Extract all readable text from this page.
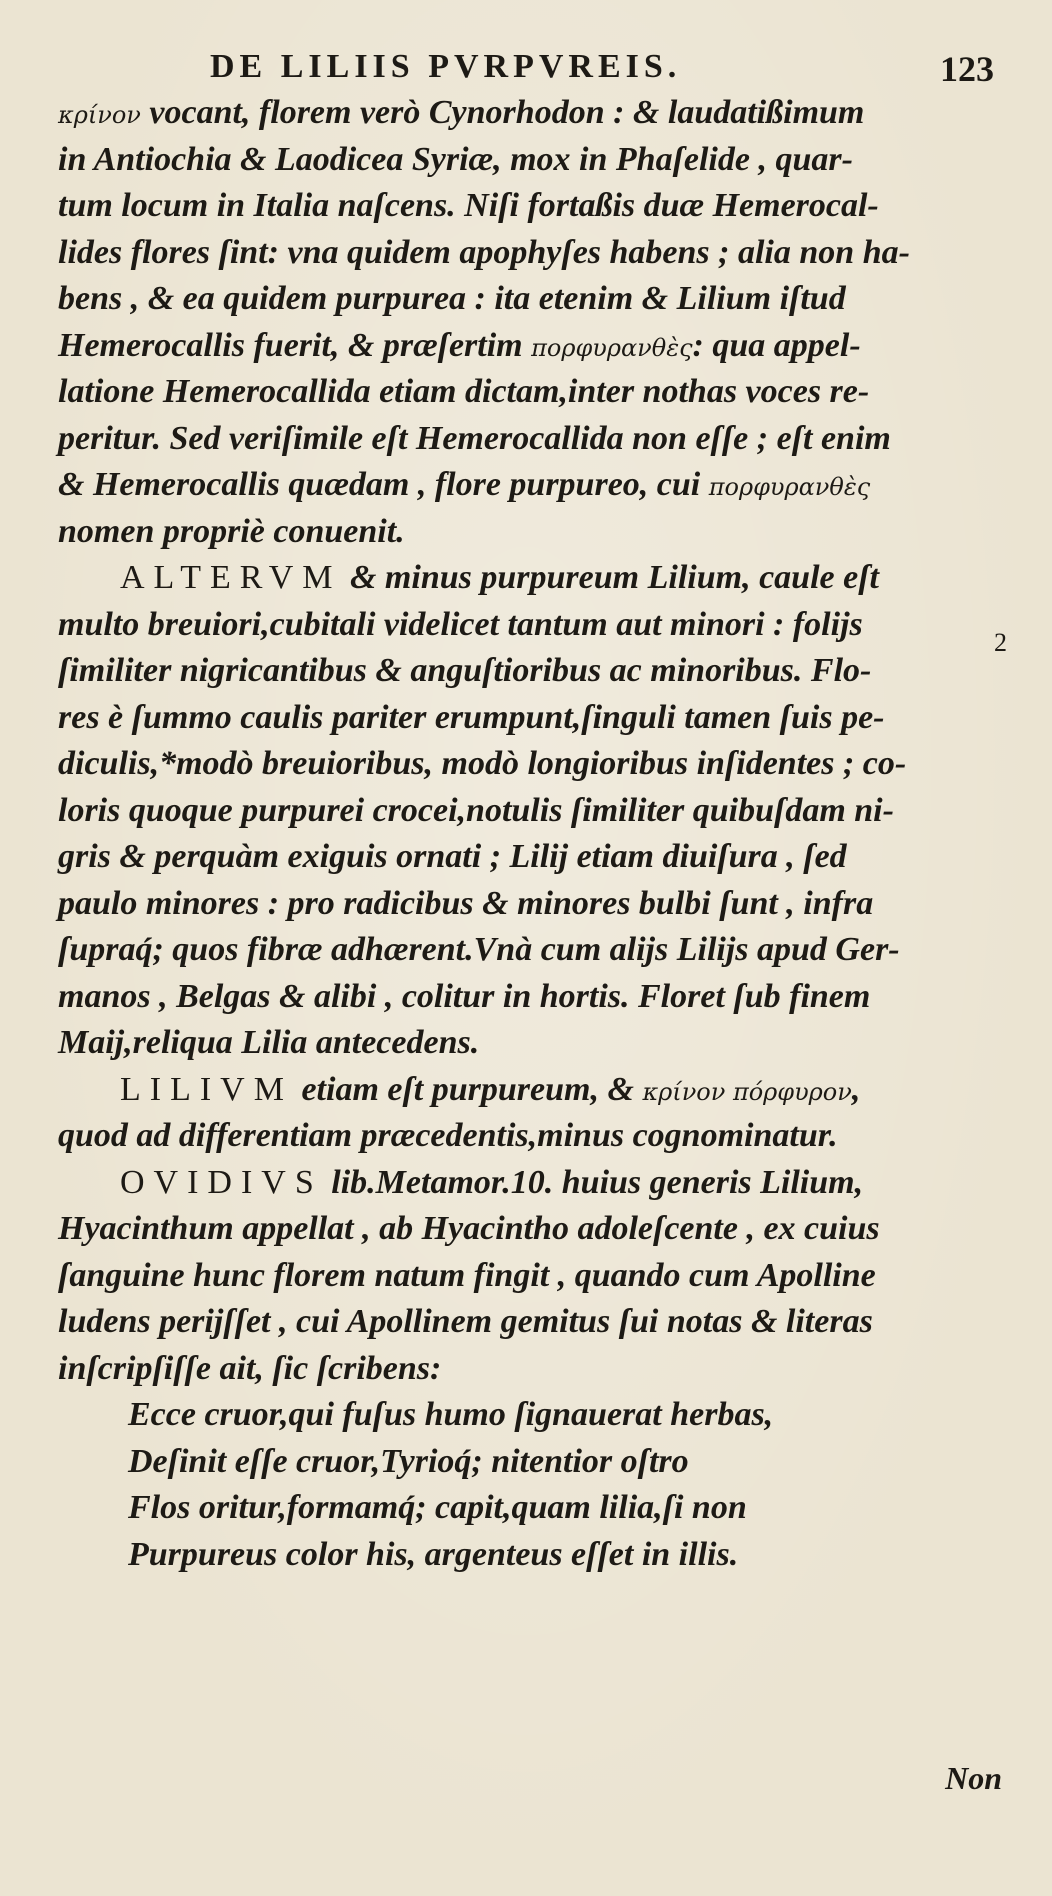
DE LILIIS PVRPVREIS.	123
2
κρίνον vocant, florem verò Cynorhodon : & laudatißimum
in Antiochia & Laodicea Syriæ, mox in Phaſelide , quar-
tum locum in Italia naſcens. Niſi fortaßis duæ Hemerocal-
lides flores ſint: vna quidem apophyſes habens ; alia non ha-
bens , & ea quidem purpurea : ita etenim & Lilium iſtud
Hemerocallis fuerit, & præſertim πορφυρανθὲς: qua appel-
latione Hemerocallida etiam dictam,inter nothas voces re-
peritur. Sed veriſimile eſt Hemerocallida non eſſe ; eſt enim
& Hemerocallis quædam , flore purpureo, cui πορφυρανθὲς
nomen propriè conuenit.
ALTERVM & minus purpureum Lilium, caule eſt
multo breuiori,cubitali videlicet tantum aut minori : folijs
ſimiliter nigricantibus & anguſtioribus ac minoribus. Flo-
res è ſummo caulis pariter erumpunt,ſinguli tamen ſuis pe-
diculis,*modò breuioribus, modò longioribus inſidentes ; co-
loris quoque purpurei crocei,notulis ſimiliter quibuſdam ni-
gris & perquàm exiguis ornati ; Lilij etiam diuiſura , ſed
paulo minores : pro radicibus & minores bulbi ſunt , infra
ſupraq́; quos fibræ adhærent.Vnà cum alijs Lilijs apud Ger-
manos , Belgas & alibi , colitur in hortis. Floret ſub finem
Maij,reliqua Lilia antecedens.
LILIVM etiam eſt purpureum, & κρίνον πόρφυρον,
quod ad differentiam præcedentis,minus cognominatur.
OVIDIVS lib.Metamor.10. huius generis Lilium,
Hyacinthum appellat , ab Hyacintho adoleſcente , ex cuius
ſanguine hunc florem natum fingit , quando cum Apolline
ludens perijſſet , cui Apollinem gemitus ſui notas & literas
inſcripſiſſe ait, ſic ſcribens:
Ecce cruor,qui fuſus humo ſignauerat herbas,
Deſinit eſſe cruor,Tyrioq́; nitentior oſtro
Flos oritur,formamq́; capit,quam lilia,ſi non
Purpureus color his, argenteus eſſet in illis.
Non
